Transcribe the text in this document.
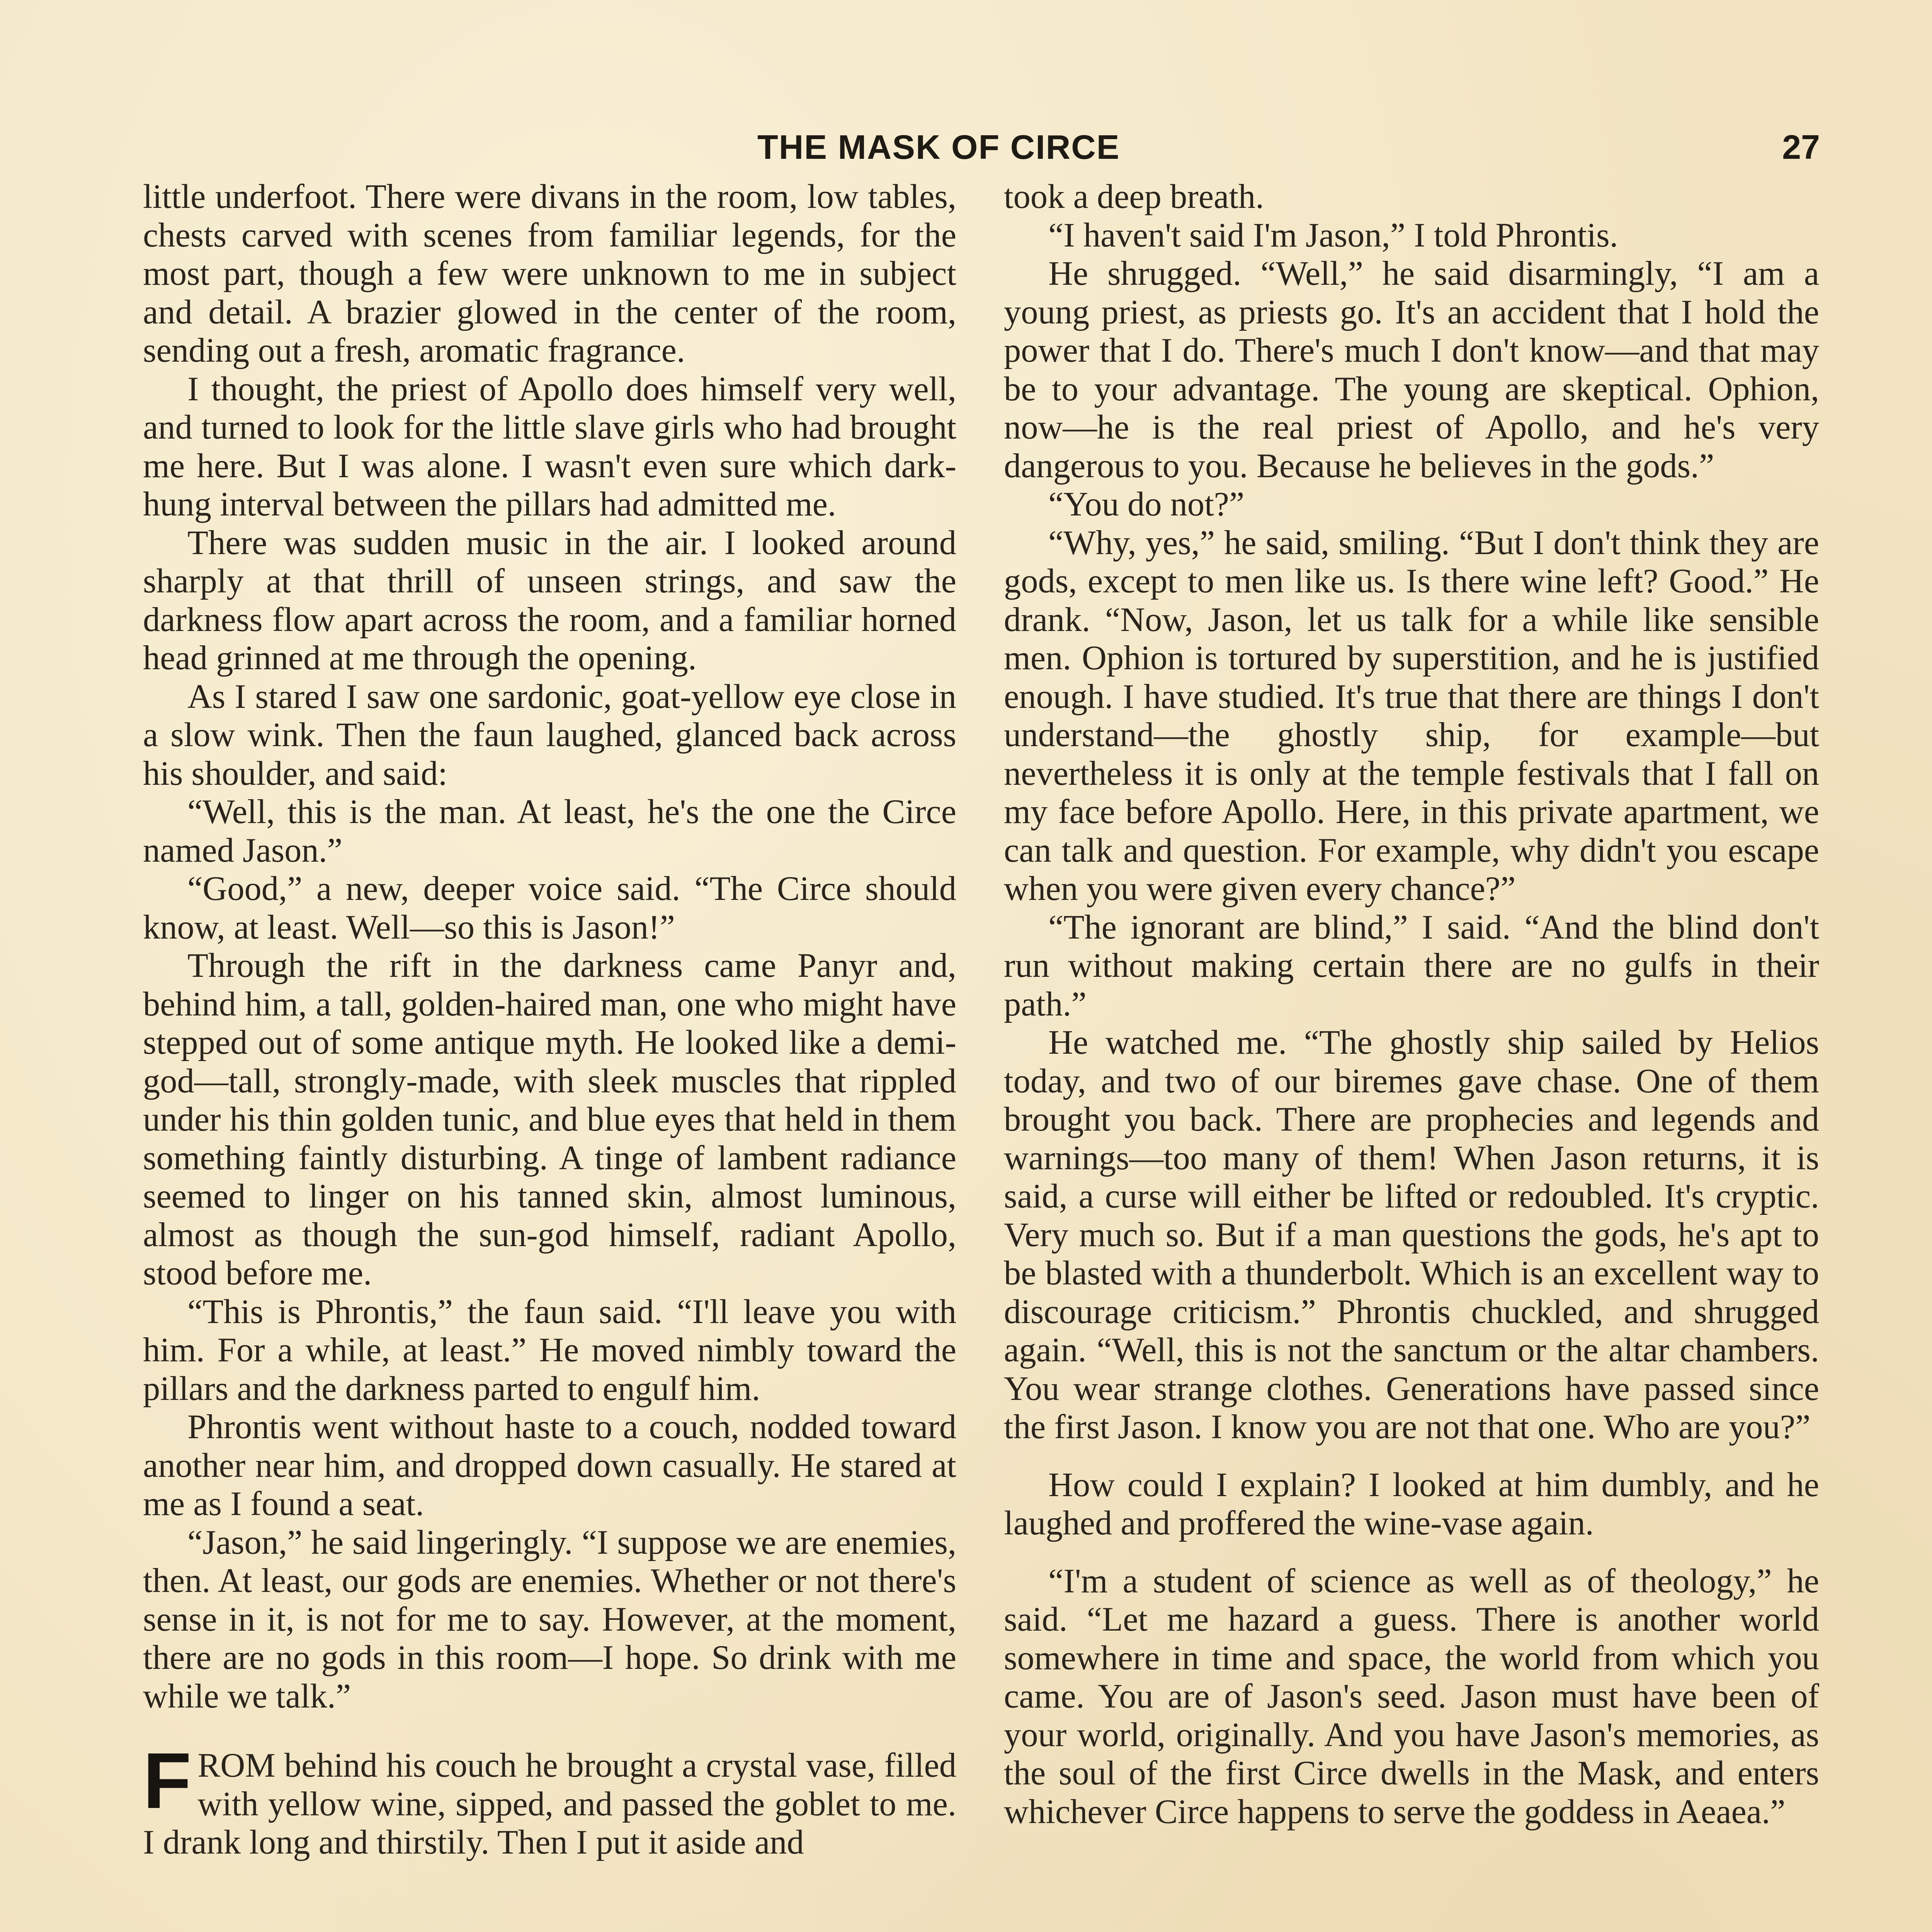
THE MASK OF CIRCE	27

little underfoot. There were divans in the room, low tables, chests carved with scenes from familiar legends, for the most part, though a few were unknown to me in subject and detail. A brazier glowed in the center of the room, sending out a fresh, aromatic fragrance.

I thought, the priest of Apollo does himself very well, and turned to look for the little slave girls who had brought me here. But I was alone. I wasn't even sure which dark-hung interval between the pillars had admitted me.

There was sudden music in the air. I looked around sharply at that thrill of unseen strings, and saw the darkness flow apart across the room, and a familiar horned head grinned at me through the opening.

As I stared I saw one sardonic, goat-yellow eye close in a slow wink. Then the faun laughed, glanced back across his shoulder, and said:

“Well, this is the man. At least, he's the one the Circe named Jason.”

“Good,” a new, deeper voice said. “The Circe should know, at least. Well—so this is Jason!”

Through the rift in the darkness came Panyr and, behind him, a tall, golden-haired man, one who might have stepped out of some antique myth. He looked like a demi-god—tall, strongly-made, with sleek muscles that rippled under his thin golden tunic, and blue eyes that held in them something faintly disturbing. A tinge of lambent radiance seemed to linger on his tanned skin, almost luminous, almost as though the sun-god himself, radiant Apollo, stood before me.

“This is Phrontis,” the faun said. “I'll leave you with him. For a while, at least.” He moved nimbly toward the pillars and the darkness parted to engulf him.

Phrontis went without haste to a couch, nodded toward another near him, and dropped down casually. He stared at me as I found a seat.

“Jason,” he said lingeringly. “I suppose we are enemies, then. At least, our gods are enemies. Whether or not there's sense in it, is not for me to say. However, at the moment, there are no gods in this room—I hope. So drink with me while we talk.”

FROM behind his couch he brought a crystal vase, filled with yellow wine, sipped, and passed the goblet to me. I drank long and thirstily. Then I put it aside and

took a deep breath.

“I haven't said I'm Jason,” I told Phrontis.

He shrugged. “Well,” he said disarmingly, “I am a young priest, as priests go. It's an accident that I hold the power that I do. There's much I don't know—and that may be to your advantage. The young are skeptical. Ophion, now—he is the real priest of Apollo, and he's very dangerous to you. Because he believes in the gods.”

“You do not?”

“Why, yes,” he said, smiling. “But I don't think they are gods, except to men like us. Is there wine left? Good.” He drank. “Now, Jason, let us talk for a while like sensible men. Ophion is tortured by superstition, and he is justified enough. I have studied. It's true that there are things I don't understand—the ghostly ship, for example—but nevertheless it is only at the temple festivals that I fall on my face before Apollo. Here, in this private apartment, we can talk and question. For example, why didn't you escape when you were given every chance?”

“The ignorant are blind,” I said. “And the blind don't run without making certain there are no gulfs in their path.”

He watched me. “The ghostly ship sailed by Helios today, and two of our biremes gave chase. One of them brought you back. There are prophecies and legends and warnings—too many of them! When Jason returns, it is said, a curse will either be lifted or redoubled. It's cryptic. Very much so. But if a man questions the gods, he's apt to be blasted with a thunderbolt. Which is an excellent way to discourage criticism.” Phrontis chuckled, and shrugged again. “Well, this is not the sanctum or the altar chambers. You wear strange clothes. Generations have passed since the first Jason. I know you are not that one. Who are you?”

How could I explain? I looked at him dumbly, and he laughed and proffered the wine-vase again.

“I'm a student of science as well as of theology,” he said. “Let me hazard a guess. There is another world somewhere in time and space, the world from which you came. You are of Jason's seed. Jason must have been of your world, originally. And you have Jason's memories, as the soul of the first Circe dwells in the Mask, and enters whichever Circe happens to serve the goddess in Aeaea.”
